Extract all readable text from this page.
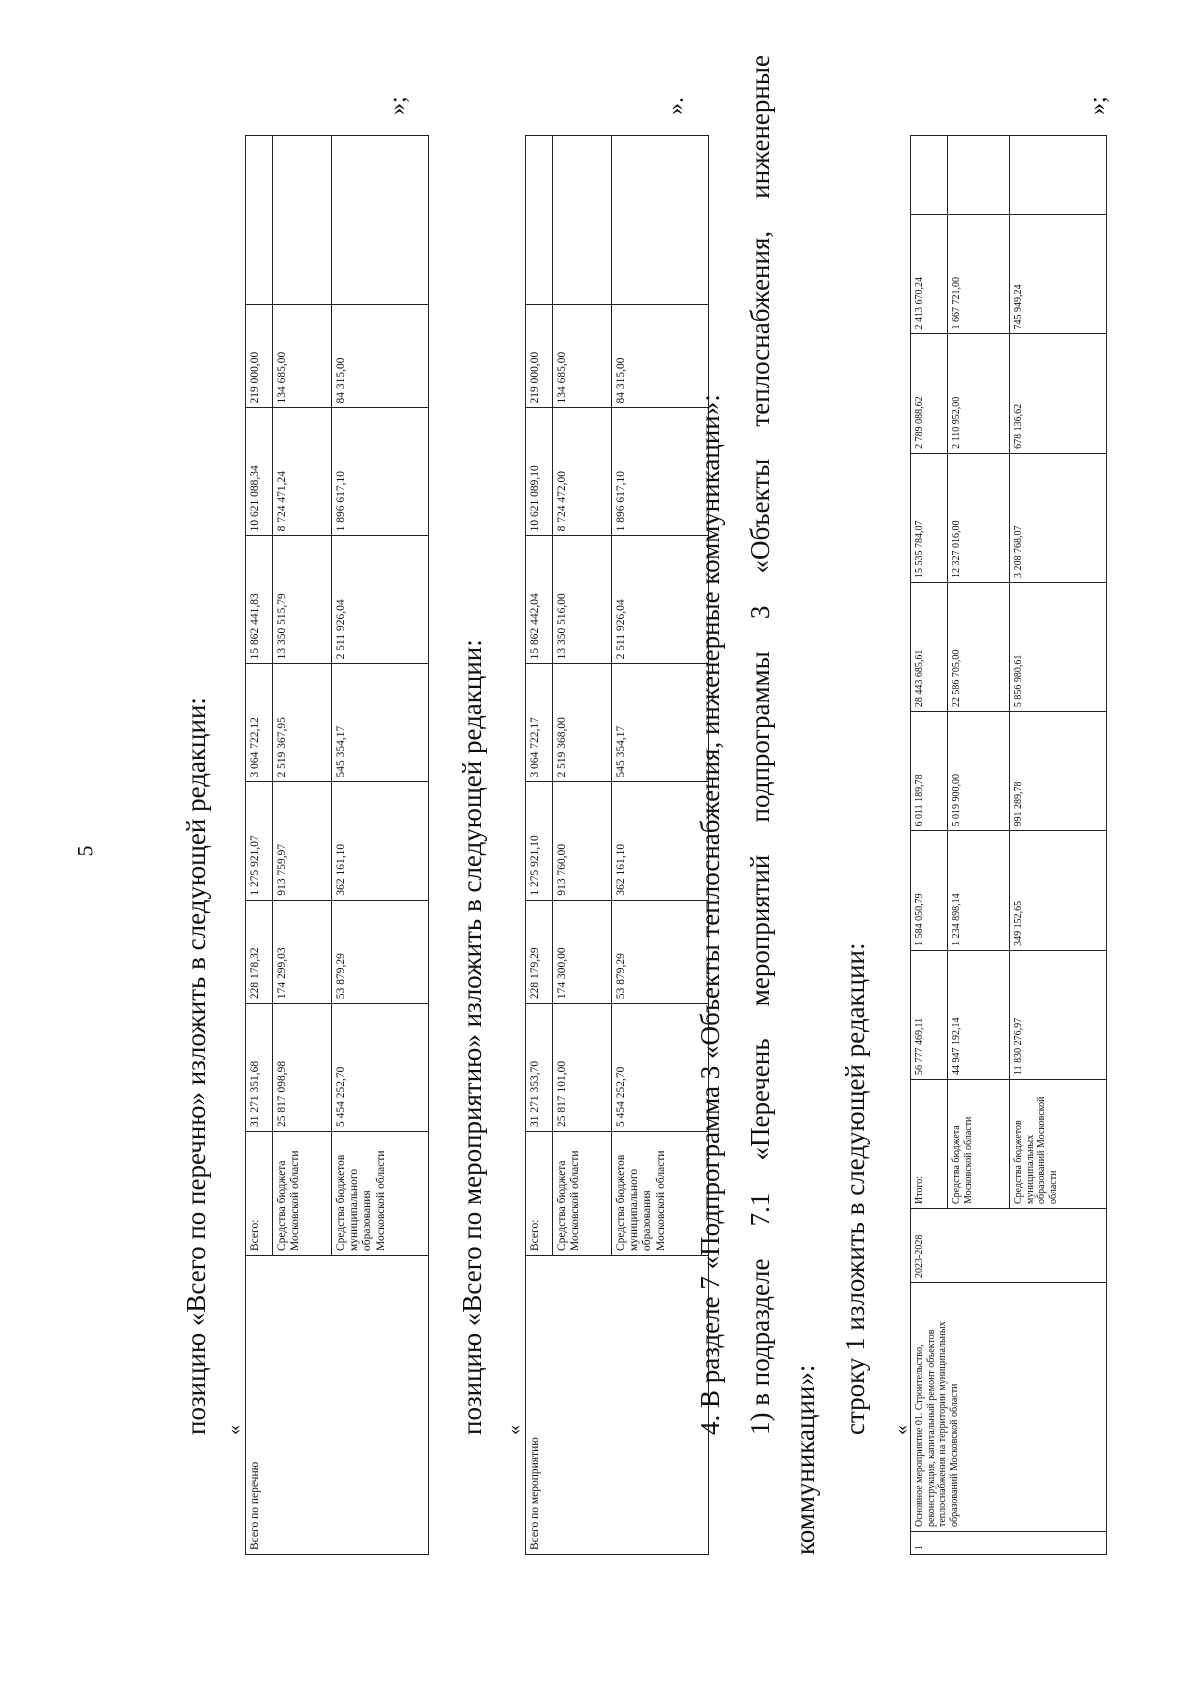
5	позицию «Всего по перечню» изложить в следующей редакции: «
Всего по перечню	Всего:	31 271 351,68	228 178,32	1 275 921,07	3 064 722,12	15 862 441,83	10 621 088,34	219 000,00	
	Средства бюджета Московской области	25 817 098,98	174 299,03	913 759,97	2 519 367,95	13 350 515,79	8 724 471,24	134 685,00	
	Средства бюджетов муниципального образования Московской области	5 454 252,70	53 879,29	362 161,10	545 354,17	2 511 926,04	1 896 617,10	84 315,00	
»;
позицию «Всего по мероприятию» изложить в следующей редакции: «
Всего по мероприятию	Всего:	31 271 353,70	228 179,29	1 275 921,10	3 064 722,17	15 862 442,04	10 621 089,10	219 000,00	
	Средства бюджета Московской области	25 817 101,00	174 300,00	913 760,00	2 519 368,00	13 350 516,00	8 724 472,00	134 685,00	
	Средства бюджетов муниципального образования Московской области	5 454 252,70	53 879,29	362 161,10	545 354,17	2 511 926,04	1 896 617,10	84 315,00	
».
4. В разделе 7 «Подпрограмма 3 «Объекты теплоснабжения, инженерные коммуникации»: 1) в подразделе
7.1
«Перечень
мероприятий
подпрограммы
3
«Объекты
теплоснабжения,
инженерные
коммуникации»:
строку 1 изложить в следующей редакции: «
1	Основное мероприятие 01. Строительство, реконструкция, капитальный ремонт объектов теплоснабжения на территории муниципальных образований Московской области	2023-2028	Итого:	56 777 469,11	1 584 050,79	6 011 189,78	28 443 685,61	15 535 784,07	2 789 088,62	2 413 670,24	
			Средства бюджета Московской области	44 947 192,14	1 234 898,14	5 019 900,00	22 586 705,00	12 327 016,00	2 110 952,00	1 667 721,00	
			Средства бюджетов муниципальных образований Московской области	11 830 276,97	349 152,65	991 289,78	5 856 980,61	3 208 768,07	678 136,62	745 949,24	
»;
